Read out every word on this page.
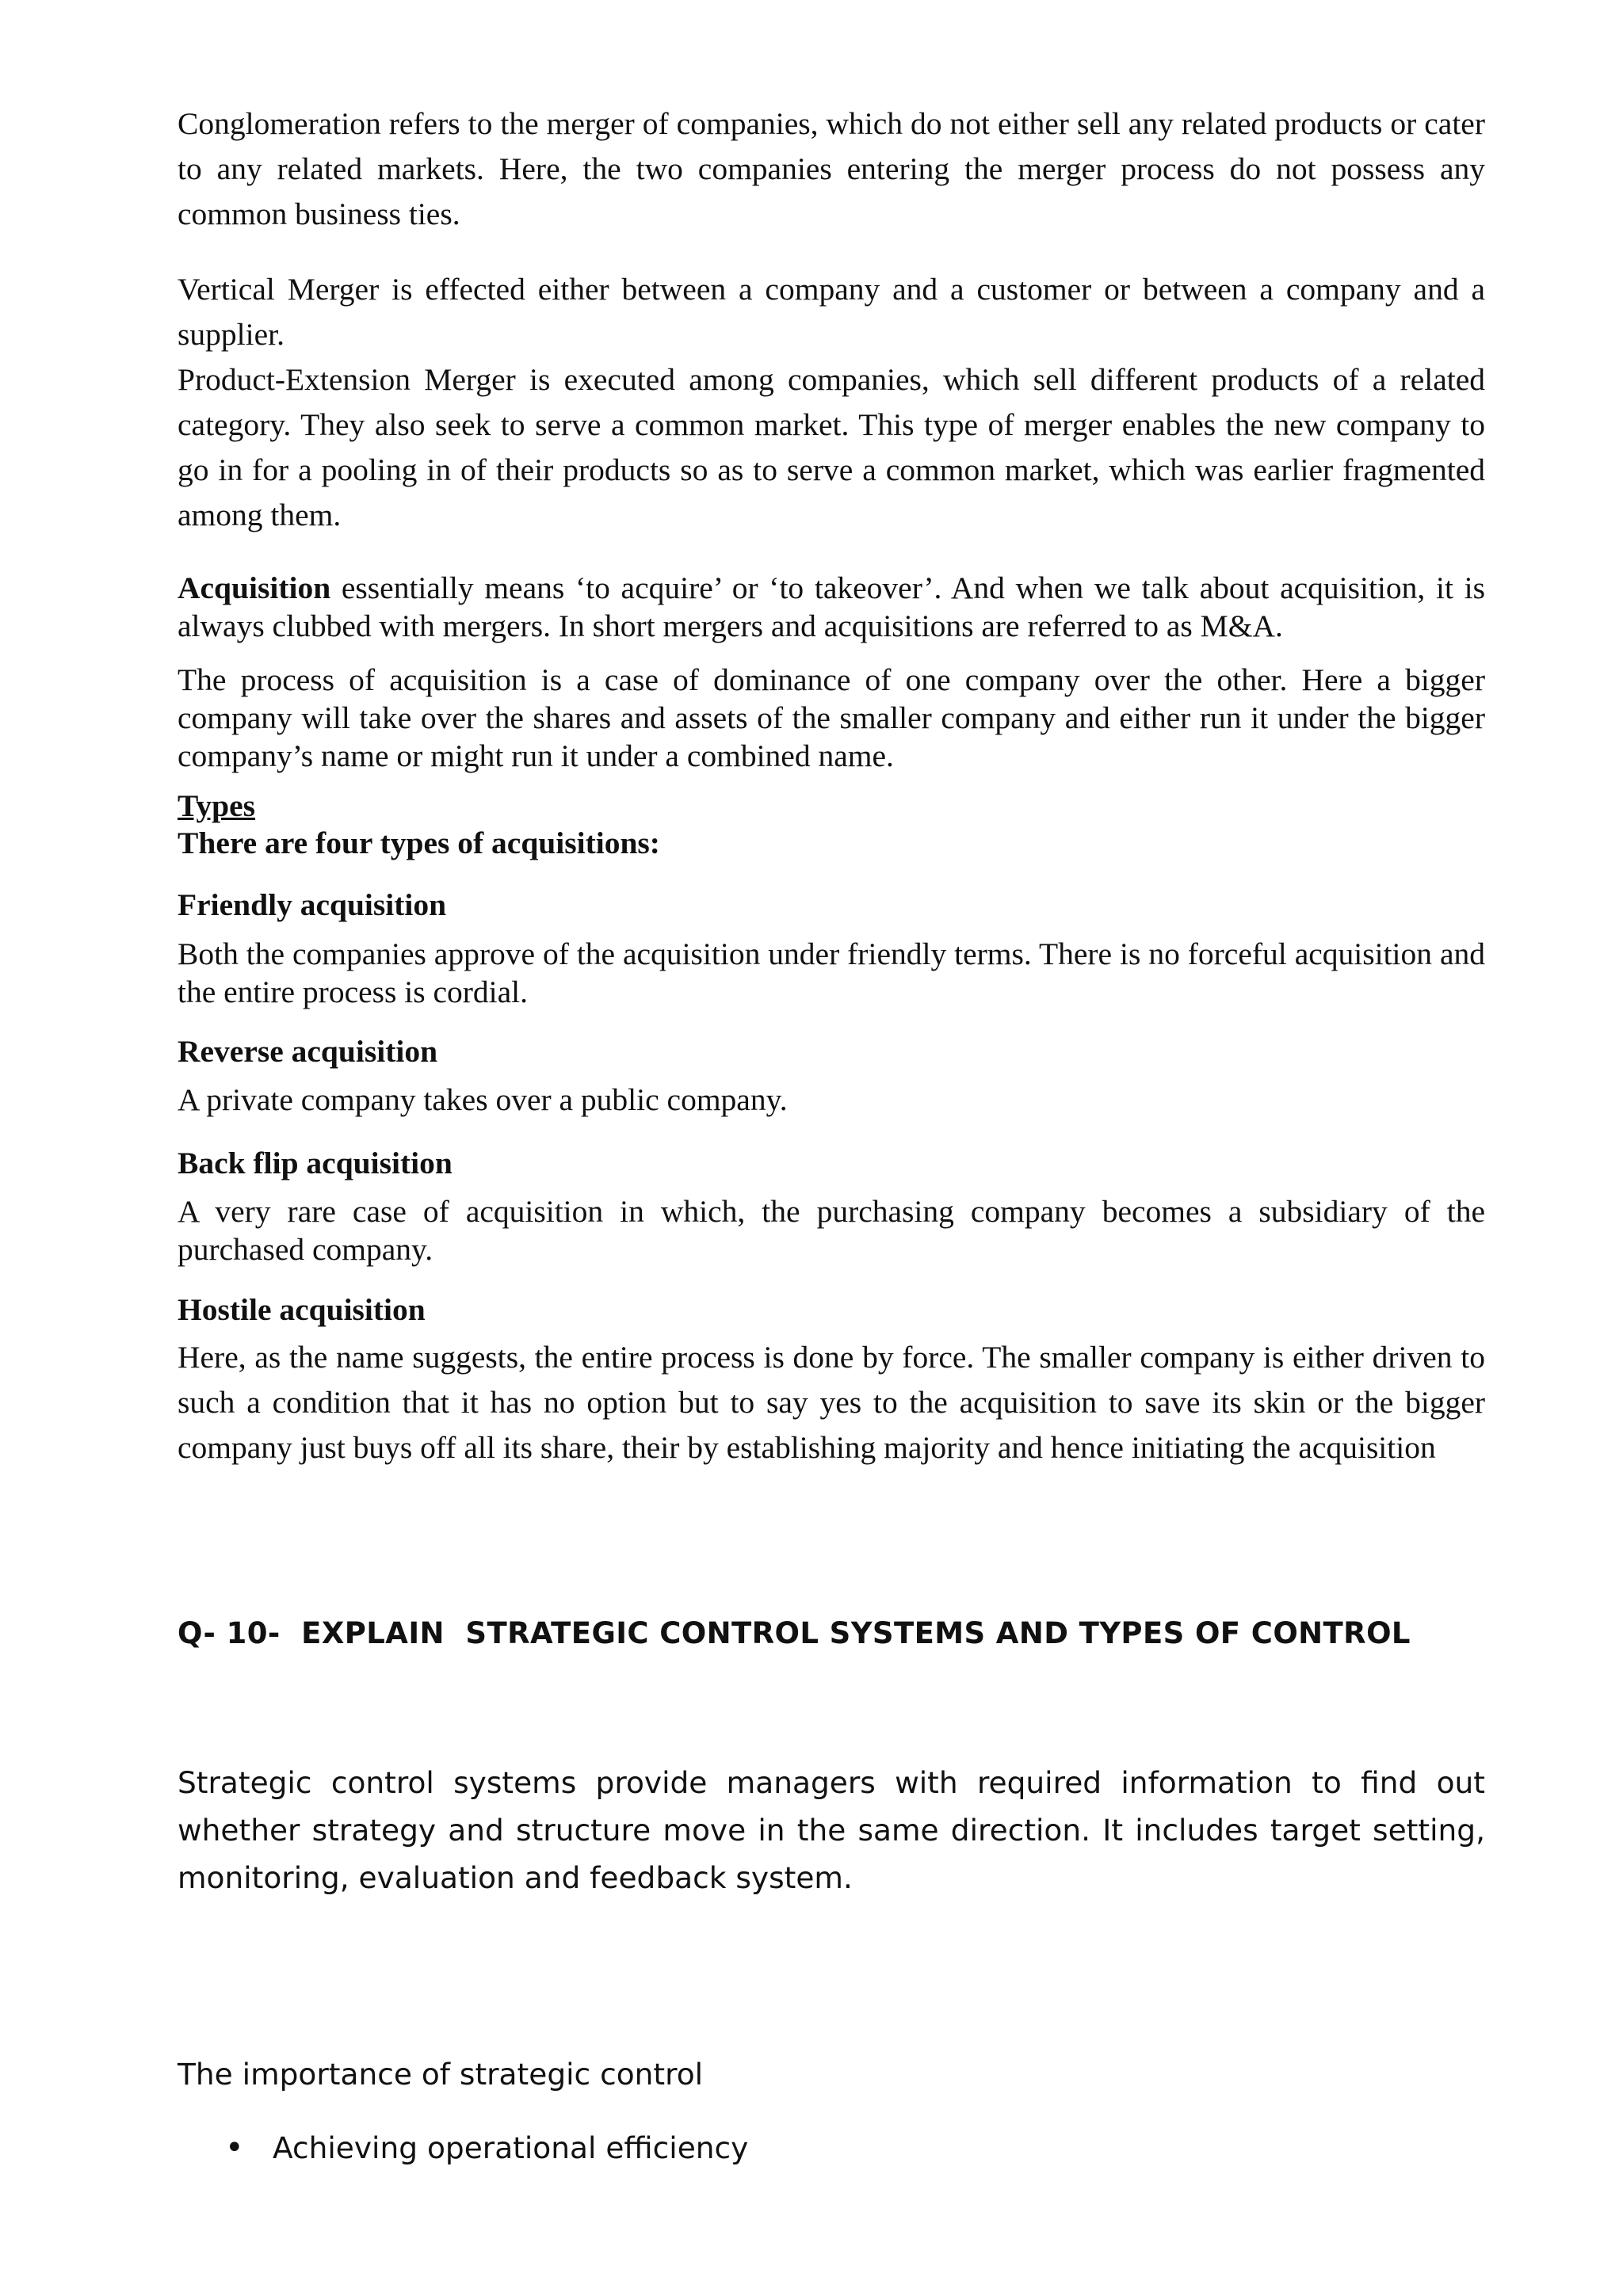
Conglomeration refers to the merger of companies, which do not either sell any related products or cater to any related markets. Here, the two companies entering the merger process do not possess any common business ties.

Vertical Merger is effected either between a company and a customer or between a company and a supplier.

Product-Extension Merger is executed among companies, which sell different products of a related category. They also seek to serve a common market. This type of merger enables the new company to go in for a pooling in of their products so as to serve a common market, which was earlier fragmented among them.

Acquisition essentially means ‘to acquire’ or ‘to takeover’. And when we talk about acquisition, it is always clubbed with mergers. In short mergers and acquisitions are referred to as M&A.

The process of acquisition is a case of dominance of one company over the other. Here a bigger company will take over the shares and assets of the smaller company and either run it under the bigger company’s name or might run it under a combined name.

Types

There are four types of acquisitions:

Friendly acquisition

Both the companies approve of the acquisition under friendly terms. There is no forceful acquisition and the entire process is cordial.

Reverse acquisition

A private company takes over a public company.

Back flip acquisition

A very rare case of acquisition in which, the purchasing company becomes a subsidiary of the purchased company.

Hostile acquisition

Here, as the name suggests, the entire process is done by force. The smaller company is either driven to such a condition that it has no option but to say yes to the acquisition to save its skin or the bigger company just buys off all its share, their by establishing majority and hence initiating the acquisition

Q- 10-  EXPLAIN  STRATEGIC CONTROL SYSTEMS AND TYPES OF CONTROL

Strategic control systems provide managers with required information to find out whether strategy and structure move in the same direction. It includes target setting, monitoring, evaluation and feedback system.

The importance of strategic control

• Achieving operational efficiency
